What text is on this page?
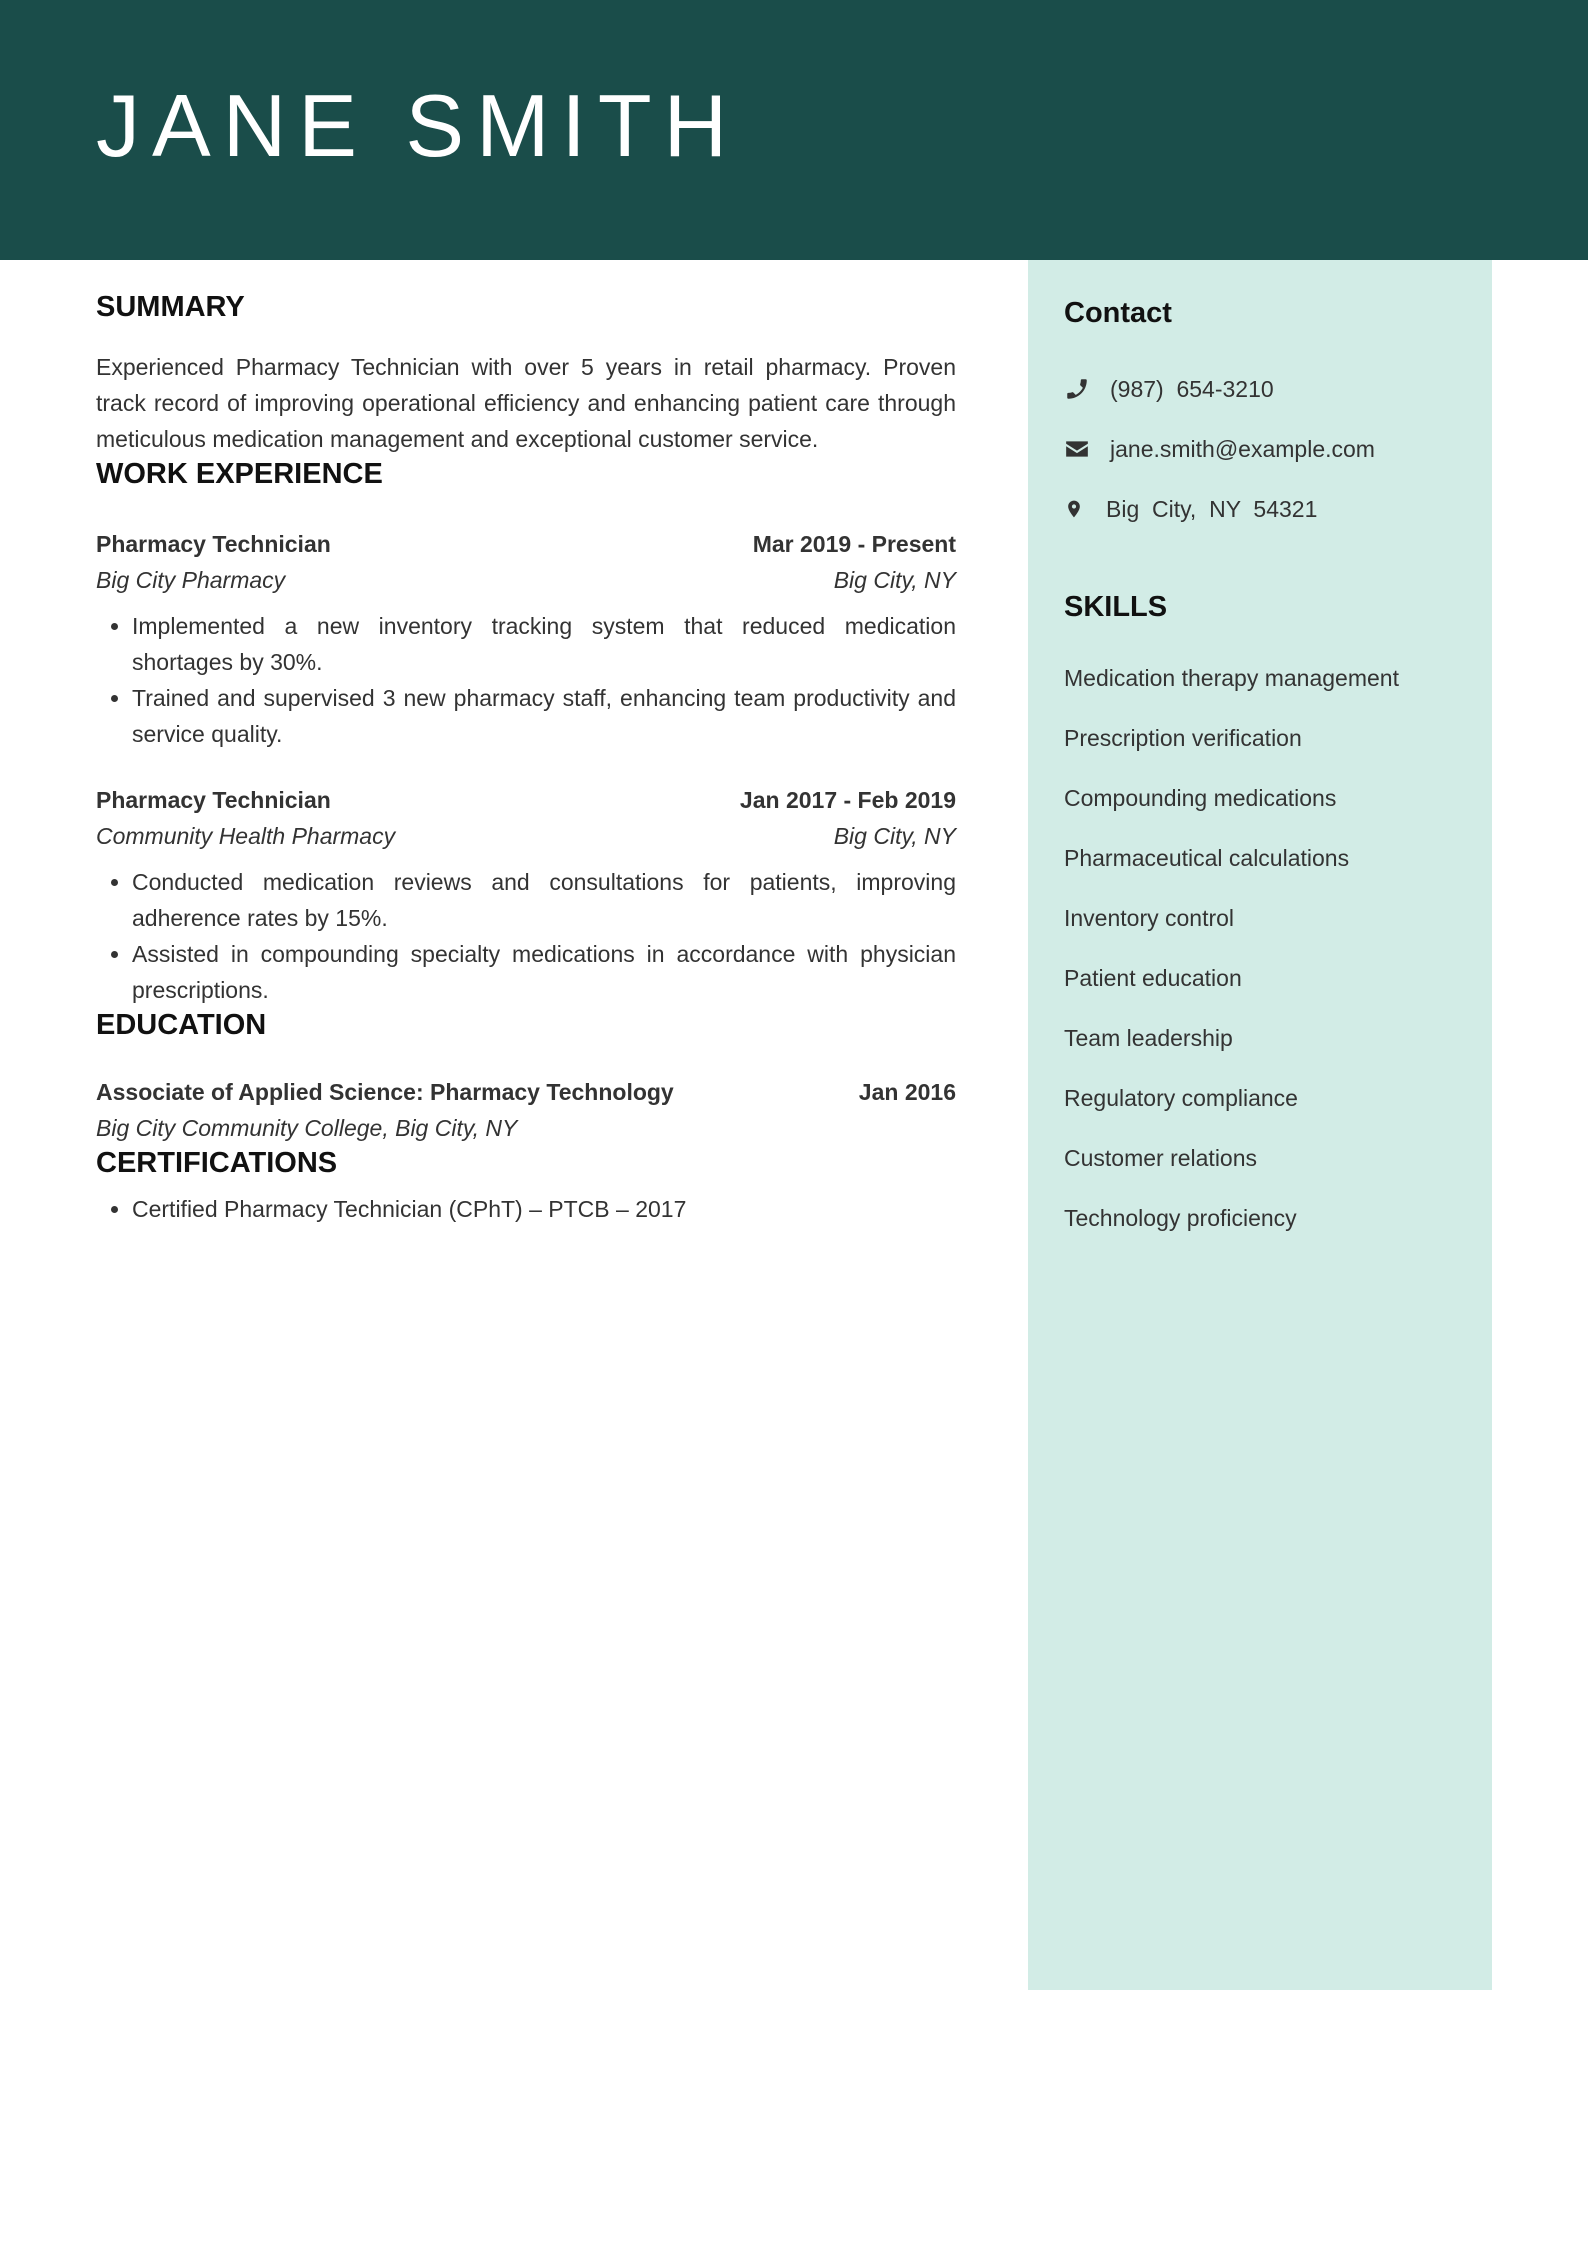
JANE SMITH
SUMMARY

Experienced Pharmacy Technician with over 5 years in retail pharmacy. Proven track record of improving operational efficiency and enhancing patient care through meticulous medication management and exceptional customer service.

WORK EXPERIENCE
Pharmacy Technician	Mar 2019 - Present
Big City Pharmacy	Big City, NY
• Implemented a new inventory tracking system that reduced medication shortages by 30%.
• Trained and supervised 3 new pharmacy staff, enhancing team productivity and service quality.
Pharmacy Technician	Jan 2017 - Feb 2019
Community Health Pharmacy	Big City, NY
• Conducted medication reviews and consultations for patients, improving adherence rates by 15%.
• Assisted in compounding specialty medications in accordance with physician prescriptions.
EDUCATION
Associate of Applied Science: Pharmacy Technology	Jan 2016
Big City Community College, Big City, NY
CERTIFICATIONS
• Certified Pharmacy Technician (CPhT) – PTCB – 2017
Contact
(987)  654-3210
jane.smith@example.com
Big  City,  NY  54321
SKILLS
Medication therapy management
Prescription verification
Compounding medications
Pharmaceutical calculations
Inventory control
Patient education
Team leadership
Regulatory compliance
Customer relations
Technology proficiency
